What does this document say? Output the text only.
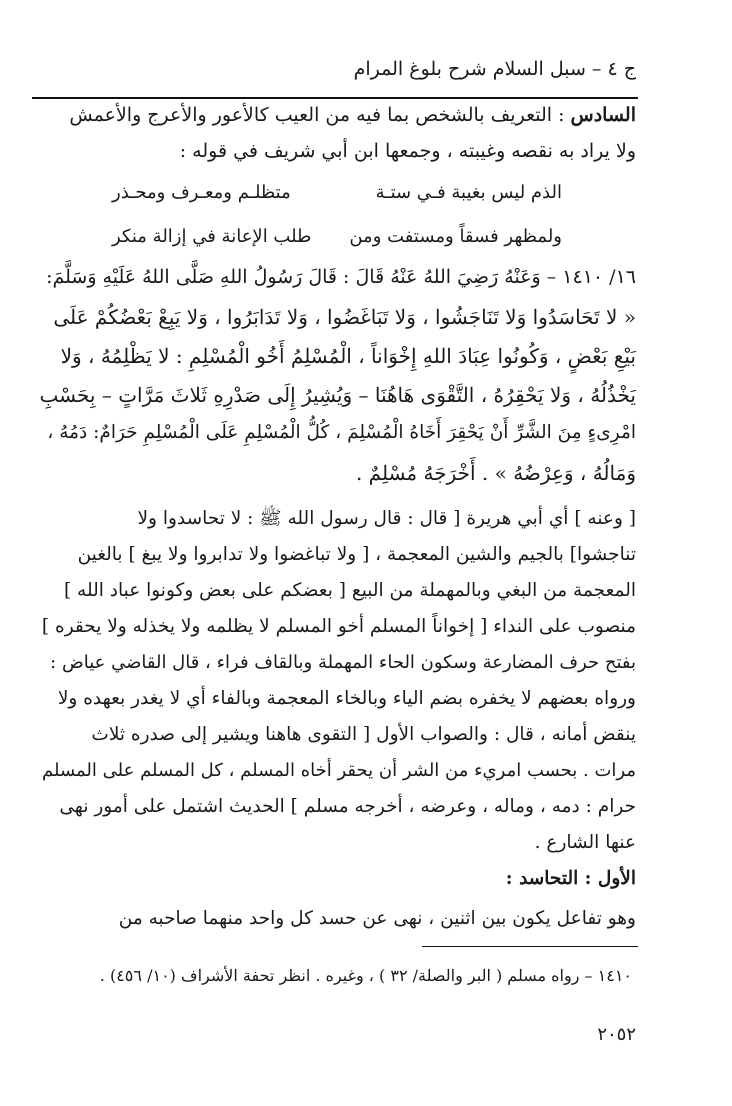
ج ٤ – سبل السلام شرح بلوغ المرام
السادس : التعريف بالشخص بما فيه من العيب كالأعور والأعرج والأعمش
ولا يراد به نقصه وغيبته ، وجمعها ابن أبي شريف في قوله :
الذم ليس بغيبة فـي ستـة
متظلـم ومعـرف ومحـذر
ولمظهر فسقاً ومستفت ومن
طلب الإعانة في إزالة منكر
١٦/ ١٤١٠ – وَعَنْهُ رَضِيَ اللهُ عَنْهُ قَالَ : قَالَ رَسُولُ اللهِ صَلَّى اللهُ عَلَيْهِ وَسَلَّمَ:
« لا تَحَاسَدُوا وَلا تَنَاجَشُوا ، وَلا تَبَاغَضُوا ، وَلا تَدَابَرُوا ، وَلا يَبِعْ بَعْضُكُمْ عَلَى
بَيْعِ بَعْضٍ ، وَكُونُوا عِبَادَ اللهِ إِخْوَاناً ، الْمُسْلِمُ أَخُو الْمُسْلِمِ : لا يَظْلِمُهُ ، وَلا
يَخْذُلُهُ ، وَلا يَحْقِرُهُ ، التَّقْوَى هَاهُنَا – وَيُشِيرُ إِلَى صَدْرِهِ ثَلاثَ مَرَّاتٍ – بِحَسْبِ
امْرِىءٍ مِنَ الشَّرِّ أَنْ يَحْقِرَ أَخَاهُ الْمُسْلِمَ ، كُلُّ الْمُسْلِمِ عَلَى الْمُسْلِمِ حَرَامٌ: دَمُهُ ،
وَمَالُهُ ، وَعِرْضُهُ » . أَخْرَجَهُ مُسْلِمٌ .
[ وعنه ] أي أبي هريرة [ قال : قال رسول الله ﷺ : لا تحاسدوا ولا
تناجشوا] بالجيم والشين المعجمة ، [ ولا تباغضوا ولا تدابروا ولا يبغ ] بالغين
المعجمة من البغي وبالمهملة من البيع [ بعضكم على بعض وكونوا عباد الله ]
منصوب على النداء [ إخواناً المسلم أخو المسلم لا يظلمه ولا يخذله ولا يحقره ]
بفتح حرف المضارعة وسكون الحاء المهملة وبالقاف فراء ، قال القاضي عياض :
ورواه بعضهم لا يخفره بضم الياء وبالخاء المعجمة وبالفاء أي لا يغدر بعهده ولا
ينقض أمانه ، قال : والصواب الأول [ التقوى هاهنا ويشير إلى صدره ثلاث
مرات . بحسب امريء من الشر أن يحقر أخاه المسلم ، كل المسلم على المسلم
حرام : دمه ، وماله ، وعرضه ، أخرجه مسلم ] الحديث اشتمل على أمور نهى
عنها الشارع .
الأول : التحاسد :
وهو تفاعل يكون بين اثنين ، نهى عن حسد كل واحد منهما صاحبه من
١٤١٠ – رواه مسلم ( البر والصلة/ ٣٢ ) ، وغيره . انظر تحفة الأشراف (١٠/ ٤٥٦) .
٢٠٥٢
